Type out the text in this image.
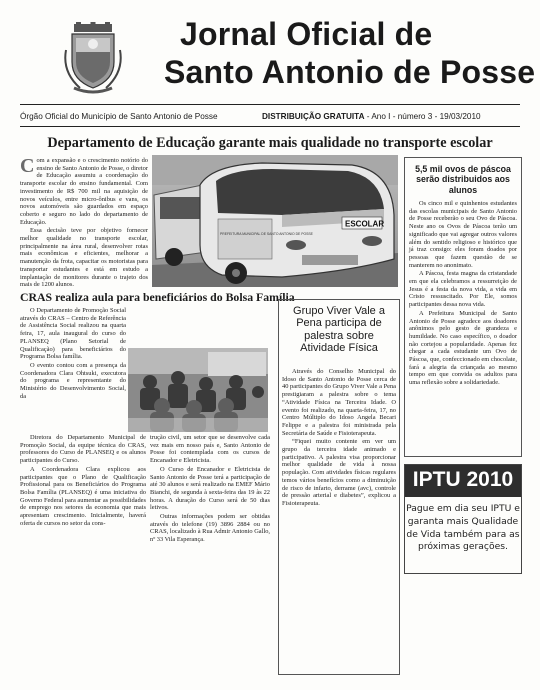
Jornal Oficial de
Santo Antonio de Posse
Órgão Oficial do Município de Santo Antonio de Posse	DISTRIBUIÇÃO GRATUITA - Ano I - número 3 - 19/03/2010
Departamento de Educação garante mais qualidade no transporte escolar

Com a expansão e o crescimento notório do ensino de Santo Antonio de Posse, o diretor de Educação assumiu a coordenação do transporte escolar do ensino fundamental. Com investimento de R$ 700 mil na aquisição de novos veículos, entre micro-ônibus e vans, os novos automóveis são guardados em espaço coberto e seguro no lado do departamento de Educação.

Essa decisão teve por objetivo fornecer melhor qualidade no transporte escolar, principalmente na área rural, desenvolver rotas mais econômicas e eficientes, melhorar a manutenção da frota, capacitar os motoristas para transportar estudantes e está em estudo a implantação de monitores durante o trajeto dos mais de 1200 alunos.

ESCOLAR
PREFEITURA MUNICIPAL DE SANTO ANTONIO DE POSSE
CRAS realiza aula para beneficiários do Bolsa Família

O Departamento de Promoção Social através do CRAS – Centro de Referência de Assistência Social realizou na quarta feira, 17, aula inaugural do curso do PLANSEQ (Plano Setorial de Qualificação) para beneficiários do Programa Bolsa família.

O evento contou com a presença da Coordenadora Clara Ohtsuki, executora do programa e representante do Ministério do Desenvolvimento Social, da

Diretora do Departamento Municipal de Promoção Social, da equipe técnica do CRAS, professores do Curso de PLANSEQ e os alunos participantes do Curso.

A Coordenadora Clara explicou aos participantes que o Plano de Qualificação Profissional para os Beneficiários do Programa Bolsa Família (PLANSEQ) é uma iniciativa do Governo Federal para aumentar as possibilidades de emprego nos setores da economia que mais apresentam crescimento. Inicialmente, haverá oferta de cursos no setor da cons-

trução civil, um setor que se desenvolve cada vez mais em nosso país e, Santo Antonio de Posse foi contemplada com os cursos de Encanador e Eletricista.

O Curso de Encanador e Eletricista de Santo Antonio de Posse terá a participação de até 30 alunos e será realizado na EMEF Mário Bianchi, de segunda à sexta-feira das 19 às 22 horas. A duração do Curso será de 50 dias letivos.

Outras informações podem ser obtidas através do telefone (19) 3896 2884 ou no CRAS, localizado à Rua Admir Antonio Gallo, nº 33 Vila Esperança.

Grupo Viver Vale a Pena participa de palestra sobre Atividade Física

Através do Conselho Municipal do Idoso de Santo Antonio de Posse cerca de 40 participantes do Grupo Viver Vale a Pena prestigiaram a palestra sobre o tema “Atividade Física na Terceira Idade. O evento foi realizado, na quarta-feira, 17, no Centro Múltiplo do Idoso Angela Becari Felippe e a palestra foi ministrada pela Secretária de Saúde e Fisioterapeuta.

“Fiquei muito contente em ver um grupo da terceira idade animado e participativo. A palestra visa proporcionar melhor qualidade de vida à nossa população. Com atividades físicas regulares temos vários benefícios como a diminuição de risco de infarto, derrame (avc), controle de pressão arterial e diabetes”, explicou a Fisioterapeuta.

5,5 mil ovos de páscoa serão distribuidos aos alunos

Os cinco mil e quinhentos estudantes das escolas municipais de Santo Antonio de Posse receberão o seu Ovo de Páscoa. Neste ano os Ovos de Páscoa terão um significado que vai agregar outros valores além do sentido religioso e histórico que já traz consigo: eles foram doados por pessoas que fazem questão de se manterem no anonimato.

A Páscoa, festa magna da cristandade em que ela celebramos a ressurreição de Jesus é a festa da nova vida, a vida em Cristo ressuscitado. Por Ele, somos participantes dessa nova vida.

A Prefeitura Municipal de Santo Antonio de Posse agradece aos doadores anônimos pelo gesto de grandeza e humildade. No caso específico, o doador não cortejou a popularidade. Apenas fez chegar a cada estudante um Ovo de Páscoa, que, confeccionado em chocolate, fará a alegria da criançada ao mesmo tempo em que convida os adultos para uma reflexão sobre a solidariedade.

IPTU 2010
Pague em dia seu IPTU e garanta mais Qualidade de Vida também para as próximas gerações.
